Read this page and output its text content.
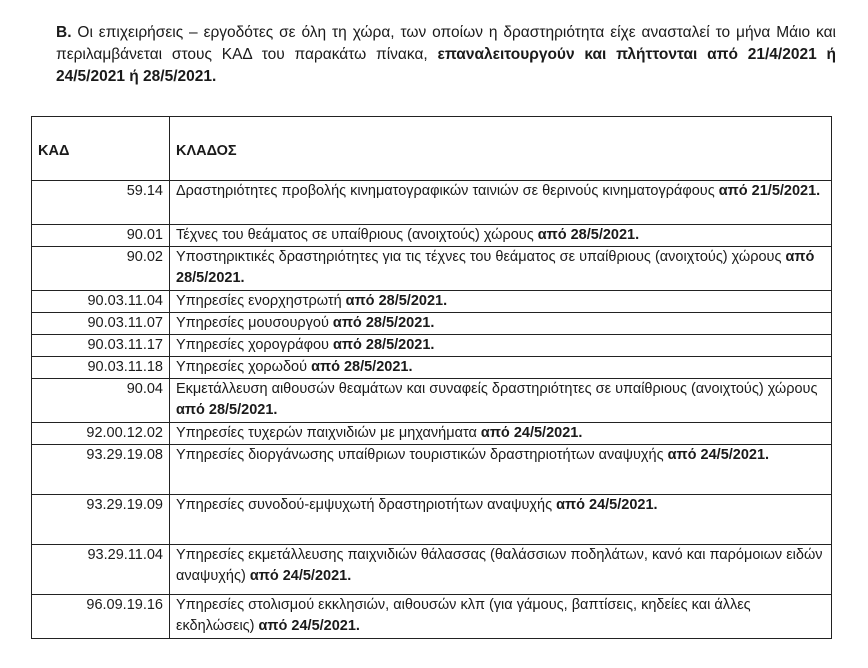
Β. Οι επιχειρήσεις – εργοδότες σε όλη τη χώρα, των οποίων η δραστηριότητα είχε ανασταλεί το μήνα Μάιο και περιλαμβάνεται στους ΚΑΔ του παρακάτω πίνακα, επαναλειτουργούν και πλήττονται από 21/4/2021 ή 24/5/2021 ή 28/5/2021.
ΚΑΔ	ΚΛΑΔΟΣ
59.14	Δραστηριότητες προβολής κινηματογραφικών ταινιών σε θερινούς κινηματογράφους από 21/5/2021.
90.01	Τέχνες του θεάματος σε υπαίθριους (ανοιχτούς) χώρους από 28/5/2021.
90.02	Υποστηρικτικές δραστηριότητες για τις τέχνες του θεάματος σε υπαίθριους (ανοιχτούς) χώρους από 28/5/2021.
90.03.11.04	Υπηρεσίες ενορχηστρωτή από 28/5/2021.
90.03.11.07	Υπηρεσίες μουσουργού από 28/5/2021.
90.03.11.17	Υπηρεσίες χορογράφου από 28/5/2021.
90.03.11.18	Υπηρεσίες χορωδού από 28/5/2021.
90.04	Εκμετάλλευση αιθουσών θεαμάτων και συναφείς δραστηριότητες σε υπαίθριους (ανοιχτούς) χώρους από 28/5/2021.
92.00.12.02	Υπηρεσίες τυχερών παιχνιδιών με μηχανήματα από 24/5/2021.
93.29.19.08	Υπηρεσίες διοργάνωσης υπαίθριων τουριστικών δραστηριοτήτων αναψυχής από 24/5/2021.
93.29.19.09	Υπηρεσίες συνοδού-εμψυχωτή δραστηριοτήτων αναψυχής από 24/5/2021.
93.29.11.04	Υπηρεσίες εκμετάλλευσης παιχνιδιών θάλασσας (θαλάσσιων ποδηλάτων, κανό και παρόμοιων ειδών αναψυχής) από 24/5/2021.
96.09.19.16	Υπηρεσίες στολισμού εκκλησιών, αιθουσών κλπ (για γάμους, βαπτίσεις, κηδείες και άλλες εκδηλώσεις) από 24/5/2021.
